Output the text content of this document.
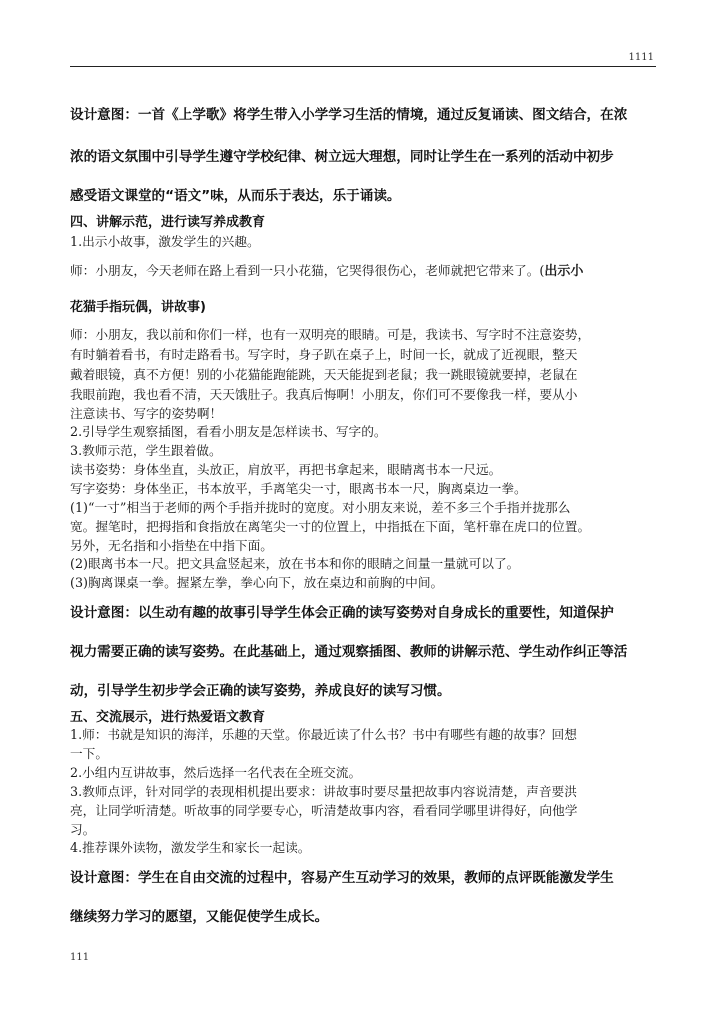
1111
设计意图：一首《上学歌》将学生带入小学学习生活的情境，通过反复诵读、图文结合，在浓
浓的语文氛围中引导学生遵守学校纪律、树立远大理想，同时让学生在一系列的活动中初步
感受语文课堂的“语文”味，从而乐于表达，乐于诵读。
四、讲解示范，进行读写养成教育
1.出示小故事，激发学生的兴趣。
师：小朋友，今天老师在路上看到一只小花猫，它哭得很伤心，老师就把它带来了。(出示小
花猫手指玩偶，讲故事)
师：小朋友，我以前和你们一样，也有一双明亮的眼睛。可是，我读书、写字时不注意姿势，
有时躺着看书，有时走路看书。写字时，身子趴在桌子上，时间一长，就成了近视眼，整天
戴着眼镜，真不方便！别的小花猫能跑能跳，天天能捉到老鼠；我一跳眼镜就要掉，老鼠在
我眼前跑，我也看不清，天天饿肚子。我真后悔啊！小朋友，你们可不要像我一样，要从小
注意读书、写字的姿势啊！
2.引导学生观察插图，看看小朋友是怎样读书、写字的。
3.教师示范，学生跟着做。
读书姿势：身体坐直，头放正，肩放平，再把书拿起来，眼睛离书本一尺远。
写字姿势：身体坐正，书本放平，手离笔尖一寸，眼离书本一尺，胸离桌边一拳。
(1)“一寸”相当于老师的两个手指并拢时的宽度。对小朋友来说，差不多三个手指并拢那么
宽。握笔时，把拇指和食指放在离笔尖一寸的位置上，中指抵在下面，笔杆靠在虎口的位置。
另外，无名指和小指垫在中指下面。
(2)眼离书本一尺。把文具盒竖起来，放在书本和你的眼睛之间量一量就可以了。
(3)胸离课桌一拳。握紧左拳，拳心向下，放在桌边和前胸的中间。
设计意图：以生动有趣的故事引导学生体会正确的读写姿势对自身成长的重要性，知道保护
视力需要正确的读写姿势。在此基础上，通过观察插图、教师的讲解示范、学生动作纠正等活
动，引导学生初步学会正确的读写姿势，养成良好的读写习惯。
五、交流展示，进行热爱语文教育
1.师：书就是知识的海洋，乐趣的天堂。你最近读了什么书？书中有哪些有趣的故事？回想
一下。
2.小组内互讲故事，然后选择一名代表在全班交流。
3.教师点评，针对同学的表现相机提出要求：讲故事时要尽量把故事内容说清楚，声音要洪
亮，让同学听清楚。听故事的同学要专心，听清楚故事内容，看看同学哪里讲得好，向他学
习。
4.推荐课外读物，激发学生和家长一起读。
设计意图：学生在自由交流的过程中，容易产生互动学习的效果，教师的点评既能激发学生
继续努力学习的愿望，又能促使学生成长。
111
